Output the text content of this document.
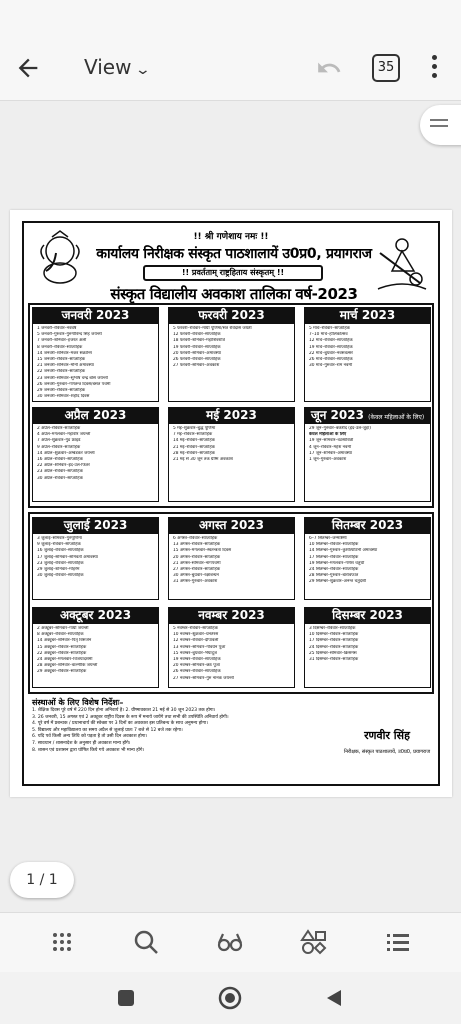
View ⌄	35
!! श्री गणेशाय नमः !!
कार्यालय निरीक्षक संस्कृत पाठशालायें उ0प्र0, प्रयागराज
!! प्रवर्तताम् राष्ट्रहिताय संस्कृतम् !!
संस्कृत विद्यालीय अवकाश तालिका वर्ष-2023
जनवरी 2023
1 जनवरी–रविवार–नववर्ष
5 जनवरी–गुरुवार–गुरुगोविन्द सिंह जयन्ती
7 जनवरी–शनिवार–हजरत अली
8 जनवरी–रविवार–साप्ताहिक
14 जनवरी–शनिवार–मकर संक्रान्ति
15 जनवरी–रविवार–साप्ताहिक
21 जनवरी–शनिवार–मौनी अमावस्या
22 जनवरी–रविवार–साप्ताहिक
23 जनवरी–सोमवार–सुभाष चन्द्र बोस जयन्ती
26 जनवरी–गुरुवार–गणतन्त्र दिवस/बसंत पंचमी
29 जनवरी–रविवार–साप्ताहिक
30 जनवरी–सोमवार–शहीद दिवस
फरवरी 2023
5 फरवरी–रविवार–माघी पूर्णिमा/संत रविदास जयंती
12 फरवरी–रविवार–साप्ताहिक
18 फरवरी–शनिवार–महाशिवरात्रि
19 फरवरी–रविवार–साप्ताहिक
20 फरवरी–सोमवार–अमावस्या
26 फरवरी–रविवार–साप्ताहिक
27 फरवरी–सोमवार–अवकाश
मार्च 2023
5 मार्च–रविवार–साप्ताहिक
7–10 मार्च–होलिकोत्सव
12 मार्च–रविवार–साप्ताहिक
19 मार्च–रविवार–साप्ताहिक
22 मार्च–बुधवार–नवसंवत्सर
26 मार्च–रविवार–साप्ताहिक
30 मार्च–गुरुवार–राम नवमी
अप्रैल 2023
2 अप्रैल–रविवार–साप्ताहिक
4 अप्रैल–मंगलवार–महावीर जयन्ती
7 अप्रैल–शुक्रवार–गुड फ्राइडे
9 अप्रैल–रविवार–साप्ताहिक
14 अप्रैल–शुक्रवार–अम्बेडकर जयन्ती
16 अप्रैल–रविवार–साप्ताहिक
22 अप्रैल–शनिवार–ईद-उल-फितर
23 अप्रैल–रविवार–साप्ताहिक
30 अप्रैल–रविवार–साप्ताहिक
मई 2023
5 मई–शुक्रवार–बुद्ध पूर्णिमा
7 मई–रविवार–साप्ताहिक
14 मई–रविवार–साप्ताहिक
21 मई–रविवार–साप्ताहिक
28 मई–रविवार–साप्ताहिक
21 मई से 30 जून तक ग्रीष्म अवकाश
जून 2023 (केवल महिलाओं के लिए)
29 जून–गुरुवार–बकरीद (ईद-उल-जुहा)
केवल महिलाओं के लिए
19 जून–सोमवार–वटसावित्री
4 जून–रविवार–महेश नवमी
17 जून–शनिवार–अमावस्या
1 जून–गुरुवार–अवकाश
जुलाई 2023
3 जुलाई–सोमवार–गुरुपूर्णिमा
9 जुलाई–रविवार–साप्ताहिक
16 जुलाई–रविवार–साप्ताहिक
17 जुलाई–सोमवार–सोमवती अमावस्या
23 जुलाई–रविवार–साप्ताहिक
29 जुलाई–शनिवार–मोहर्रम
30 जुलाई–रविवार–साप्ताहिक
अगस्त 2023
6 अगस्त–रविवार–साप्ताहिक
13 अगस्त–रविवार–साप्ताहिक
15 अगस्त–मंगलवार–स्वतन्त्रता दिवस
20 अगस्त–रविवार–साप्ताहिक
21 अगस्त–सोमवार–नागपंचमी
27 अगस्त–रविवार–साप्ताहिक
30 अगस्त–बुधवार–रक्षाबन्धन
31 अगस्त–गुरुवार–अवकाश
सितम्बर 2023
6–7 सितम्बर–जन्माष्टमी
10 सितम्बर–रविवार–साप्ताहिक
14 सितम्बर–गुरुवार–कुशोत्पाटिनी अमावस्या
17 सितम्बर–रविवार–साप्ताहिक
19 सितम्बर–मंगलवार–गणेश चतुर्थी
24 सितम्बर–रविवार–साप्ताहिक
28 सितम्बर–गुरुवार–बारावफात
29 सितम्बर–शुक्रवार–अनन्त चतुर्दशी
अक्टूबर 2023
2 अक्टूबर–सोमवार–गाँधी जयन्ती
8 अक्टूबर–रविवार–साप्ताहिक
14 अक्टूबर–शनिवार–पितृ विसर्जन
15 अक्टूबर–रविवार–साप्ताहिक
22 अक्टूबर–रविवार–साप्ताहिक
24 अक्टूबर–मंगलवार–विजयादशमी
28 अक्टूबर–शनिवार–वाल्मीकि जयन्ती
29 अक्टूबर–रविवार–साप्ताहिक
नवम्बर 2023
5 नवम्बर–रविवार–साप्ताहिक
10 नवम्बर–शुक्रवार–धनतेरस
12 नवम्बर–रविवार–दीपावली
13 नवम्बर–सोमवार–गोवर्धन पूजा
15 नवम्बर–बुधवार–भैयादूज
19 नवम्बर–रविवार–साप्ताहिक
20 नवम्बर–सोमवार–छठ पूजा
26 नवम्बर–रविवार–साप्ताहिक
27 नवम्बर–सोमवार–गुरु नानक जयन्ती
दिसम्बर 2023
3 दिसम्बर–रविवार–साप्ताहिक
10 दिसम्बर–रविवार–साप्ताहिक
17 दिसम्बर–रविवार–साप्ताहिक
24 दिसम्बर–रविवार–साप्ताहिक
25 दिसम्बर–सोमवार–क्रिसमस
31 दिसम्बर–रविवार–साप्ताहिक
संस्थाओं के लिए विशेष निर्देशः–
1. शैक्षिक दिवस पूरे वर्ष में 220 दिन होना अनिवार्य है। 2. ग्रीष्मावकाश 21 मई से 30 जून 2023 तक होगा।
3. 26 जनवरी, 15 अगस्त एवं 2 अक्टूबर राष्ट्रीय दिवस के रूप में मनाये जायेंगे तथा सभी की उपस्थिति अनिवार्य होगी।
4. पूरे वर्ष में प्रबन्धक / प्रधानाचार्य की स्वेच्छा पर 3 दिनों का अवकाश इस प्रतिबन्ध के साथ अनुमन्य होगा।
5. विद्यालय और महाविद्यालय का समय अप्रैल से जुलाई प्रातः 7 बजे से 12 बजे तक रहेगा।
6. यदि पर्व किसी अन्य तिथि को पड़ता है तो उसी दिन अवकाश होगा।
7. सावधान / शासनादेश के अनुसार ही अवकाश मान्य होंगे।
8. शासन एवं प्रशासन द्वारा घोषित किये गये अवकाश भी मान्य होंगे।
रणवीर सिंह
निरीक्षक, संस्कृत पाठशालायें, उ0प्र0, प्रयागराज
1 / 1
